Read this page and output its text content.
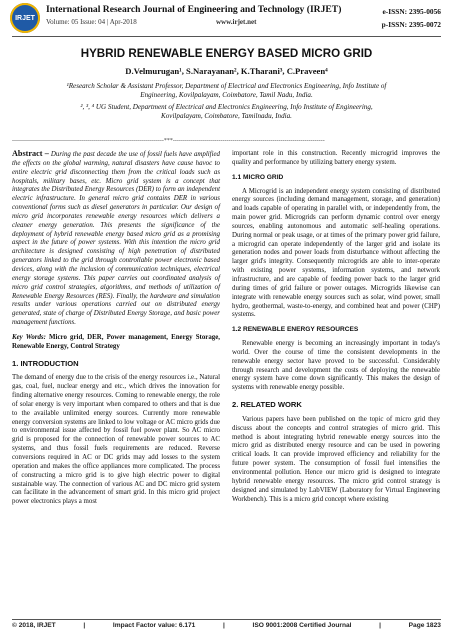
IRJET
International Research Journal of Engineering and Technology (IRJET)
Volume: 05 Issue: 04 | Apr-2018	www.irjet.net
e-ISSN: 2395-0056
p-ISSN: 2395-0072
HYBRID RENEWABLE ENERGY BASED MICRO GRID
D.Velmurugan¹, S.Narayanan², K.Tharani³, C.Praveen⁴
¹Research Scholar & Assistant Professor, Department of Electrical and Electronics Engineering, Info Institute of
Engineering, Kovilpalayam, Coimbatore, Tamil Nadu, India.
², ³, ⁴ UG Student, Department of Electrical and Electronics Engineering, Info Institute of Engineering,
Kovilpalayam, Coimbatore, Tamilnadu, India.
----------------------------------------------------------------------------***----------------------------------------------------------------------------

Abstract – During the past decade the use of fossil fuels have amplified the effects on the global warming, natural disasters have cause havoc to entire electric grid disconnecting them from the critical loads such as hospitals, military bases, etc. Micro grid system is a concept that integrates the Distributed Energy Resources (DER) to form an independent electric infrastructure. In general micro grid contains DER in various conventional forms such as diesel generators in particular. Our design of micro grid incorporates renewable energy resources which delivers a cleaner energy generation. This presents the significance of the deployment of hybrid renewable energy based micro grid as a promising aspect in the future of power systems. With this intention the micro grid architecture is designed consisting of high penetration of distributed generators linked to the grid through controllable power electronic based devices, along with the inclusion of communication techniques, electrical energy storage systems. This paper carries out coordinated analysis of micro grid control strategies, algorithms, and methods of utilization of Renewable Energy Resources (RES). Finally, the hardware and simulation results under various operations carried out on distributed energy generated, state of charge of Distributed Energy Storage, and basic power management functions.

Key Words: Micro grid, DER, Power management, Energy Storage, Renewable Energy, Control Strategy

1. INTRODUCTION

The demand of energy due to the crisis of the energy resources i.e., Natural gas, coal, fuel, nuclear energy and etc., which drives the innovation for finding alternative energy resources. Coming to renewable energy, the role of solar energy is very important when compared to others and that is due to the available unlimited energy sources. Currently more renewable energy conversion systems are linked to low voltage or AC micro grids due to environmental issue affected by fossil fuel power plant. So AC micro grid is proposed for the connection of renewable power sources to AC systems, and thus fossil fuels requirements are reduced. Reverse conversions required in AC or DC grids may add losses to the system operation and makes the office appliances more complicated. The process of constructing a micro grid is to give high electric power to digital sustainable way. The connection of various AC and DC micro grid system can facilitate in the advancement of smart grid. In this micro grid project power electronics plays a most

important role in this construction. Recently microgrid improves the quality and performance by utilizing battery energy system.

1.1 MICRO GRID

A Microgrid is an independent energy system consisting of distributed energy sources (including demand management, storage, and generation) and loads capable of operating in parallel with, or independently from, the main power grid. Microgrids can perform dynamic control over energy sources, enabling autonomous and automatic self-healing operations. During normal or peak usage, or at times of the primary power grid failure, a microgrid can operate independently of the larger grid and isolate its generation nodes and power loads from disturbance without affecting the larger grid's integrity. Consequently microgrids are able to inter-operate with existing power systems, information systems, and network infrastructure, and are capable of feeding power back to the larger grid during times of grid failure or power outages. Microgrids likewise can integrate with renewable energy sources such as solar, wind power, small hydro, geothermal, waste-to-energy, and combined heat and power (CHP) systems.

1.2 RENEWABLE ENERGY RESOURCES

Renewable energy is becoming an increasingly important in today's world. Over the course of time the consistent developments in the renewable energy sector have proved to be successful. Considerably through research and development the costs of deploying the renewable energy system have come down significantly. This makes the design of systems with renewable energy possible.

2. RELATED WORK

Various papers have been published on the topic of micro grid they discuss about the concepts and control strategies of micro grid. This method is about integrating hybrid renewable energy sources into the micro grid as distributed energy resource and can be used in powering critical loads. It can provide improved efficiency and reliability for the future power system. The consumption of fossil fuel intensifies the environmental pollution. Hence our micro grid is designed to integrate hybrid renewable energy resources. The micro grid control strategy is designed and simulated by LabVIEW (Laboratory for Virtual Engineering Workbench). This is a micro grid concept where existing

© 2018, IRJET	|	Impact Factor value: 6.171	|	ISO 9001:2008 Certified Journal	|	Page 1823
